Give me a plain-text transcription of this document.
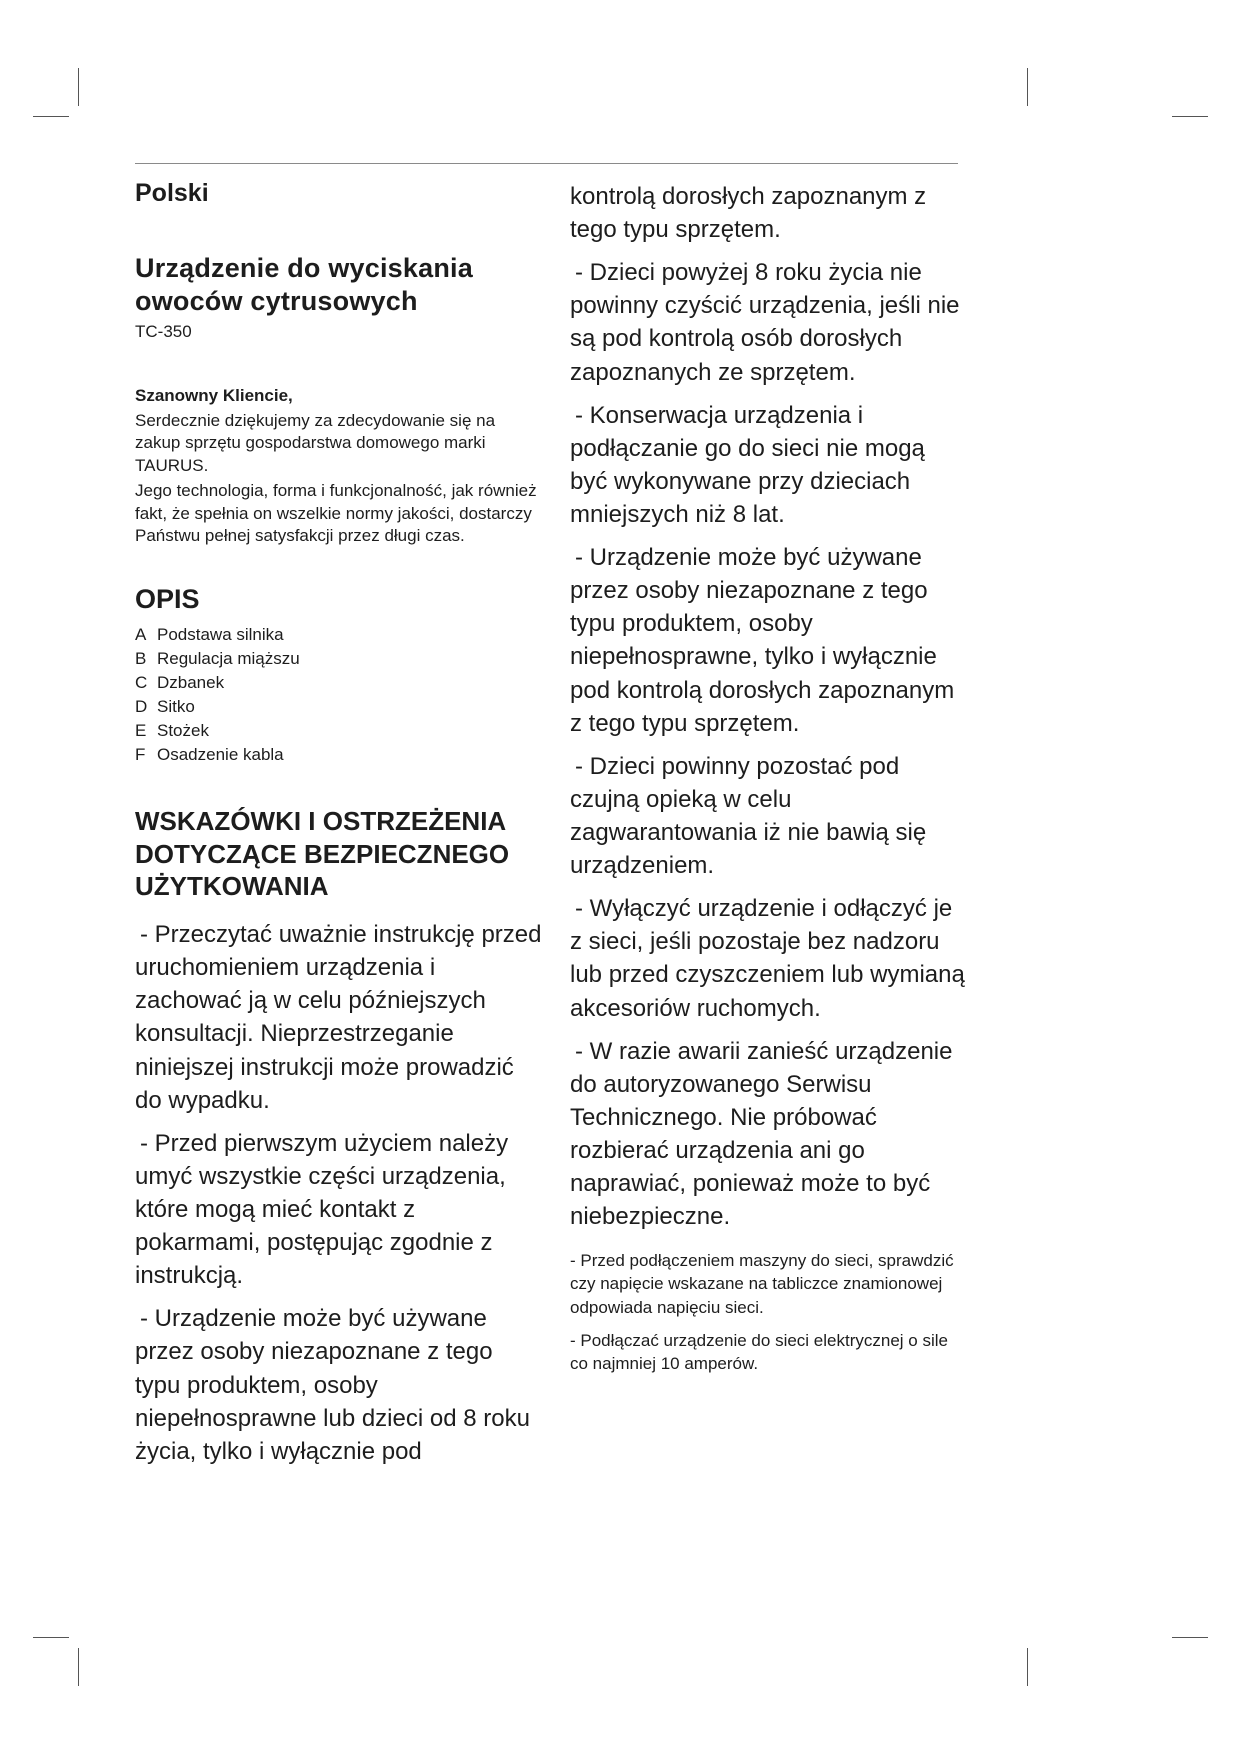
Polski
Urządzenie do wyciskania owoców cytrusowych
TC-350

Szanowny Kliencie,

Serdecznie dziękujemy za zdecydowanie się na zakup sprzętu gospodarstwa domowego marki TAURUS.

Jego technologia, forma i funkcjonalność, jak również fakt, że spełnia on wszelkie normy jakości, dostarczy Państwu pełnej satysfakcji przez długi czas.

OPIS
A Podstawa silnika
B Regulacja miąższu
C Dzbanek
D Sitko
E Stożek
F Osadzenie kabla
WSKAZÓWKI I OSTRZEŻENIA DOTYCZĄCE BEZPIECZNEGO UŻYTKOWANIA

- Przeczytać uważnie instrukcję przed uruchomieniem urządzenia i zachować ją w celu późniejszych konsultacji. Nieprzestrzeganie niniejszej instrukcji może prowadzić do wypadku.

- Przed pierwszym użyciem należy umyć wszystkie części urządzenia, które mogą mieć kontakt z pokarmami, postępując zgodnie z instrukcją.

- Urządzenie może być używane przez osoby niezapoznane z tego typu produktem, osoby niepełnosprawne lub dzieci od 8 roku życia, tylko i wyłącznie pod

kontrolą dorosłych zapoznanym z tego typu sprzętem.

- Dzieci powyżej 8 roku życia nie powinny czyścić urządzenia, jeśli nie są pod kontrolą osób dorosłych zapoznanych ze sprzętem.

- Konserwacja urządzenia i podłączanie go do sieci nie mogą być wykonywane przy dzieciach mniejszych niż 8 lat.

- Urządzenie może być używane przez osoby niezapoznane z tego typu produktem, osoby niepełnosprawne, tylko i wyłącznie pod kontrolą dorosłych zapoznanym z tego typu sprzętem.

- Dzieci powinny pozostać pod czujną opieką w celu zagwarantowania iż nie bawią się urządzeniem.

- Wyłączyć urządzenie i odłączyć je z sieci, jeśli pozostaje bez nadzoru lub przed czyszczeniem lub wymianą akcesoriów ruchomych.

- W razie awarii zanieść urządzenie do autoryzowanego Serwisu Technicznego. Nie próbować rozbierać urządzenia ani go naprawiać, ponieważ może to być niebezpieczne.

- Przed podłączeniem maszyny do sieci, sprawdzić czy napięcie wskazane na tabliczce znamionowej odpowiada napięciu sieci.

- Podłączać urządzenie do sieci elektrycznej o sile co najmniej 10 amperów.
